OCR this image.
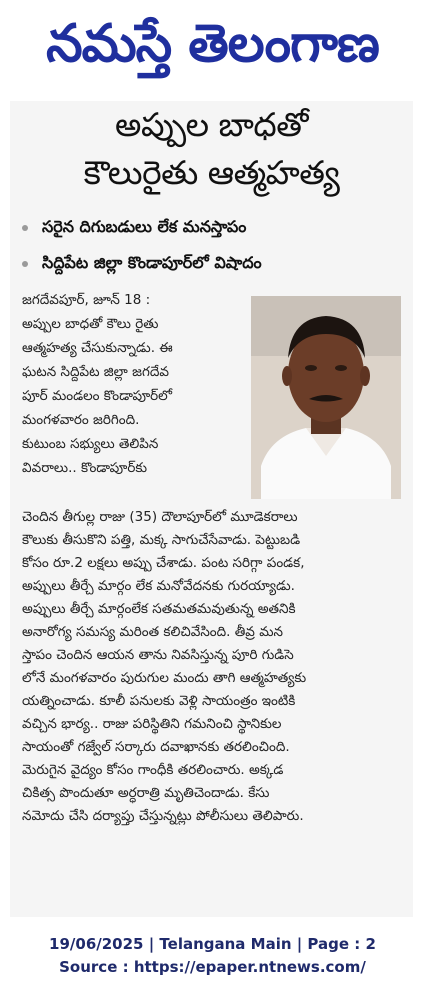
నమస్తే తెలంగాణ
అప్పుల బాధతో
కౌలురైతు ఆత్మహత్య
సరైన దిగుబడులు లేక మనస్తాపం
సిద్దిపేట జిల్లా కొండాపూర్‌లో విషాదం
జగదేవపూర్‌, జూన్‌ 18 :
అప్పుల బాధతో కౌలు రైతు
ఆత్మహత్య చేసుకున్నాడు. ఈ
ఘటన సిద్దిపేట జిల్లా జగదేవ
పూర్‌ మండలం కొండాపూర్‌లో
మంగళవారం జరిగింది.
కుటుంబ సభ్యులు తెలిపిన
వివరాలు.. కొండాపూర్‌కు
చెందిన తీగుల్ల రాజు (35) దౌలాపూర్‌లో మూడెకరాలు
కౌలుకు తీసుకొని పత్తి, మక్క సాగుచేసేవాడు. పెట్టుబడి
కోసం రూ.2 లక్షలు అప్పు చేశాడు. పంట సరిగ్గా పండక,
అప్పులు తీర్చే మార్గం లేక మనోవేదనకు గురయ్యాడు.
అప్పులు తీర్చే మార్గంలేక సతమతమవుతున్న అతనికి
అనారోగ్య సమస్య మరింత కలిచివేసింది. తీవ్ర మన
స్తాపం చెందిన ఆయన తాను నివసిస్తున్న పూరి గుడిసె
లోనే మంగళవారం పురుగుల మందు తాగి ఆత్మహత్యకు
యత్నించాడు. కూలీ పనులకు వెళ్లి సాయంత్రం ఇంటికి
వచ్చిన భార్య.. రాజు పరిస్థితిని గమనించి స్థానికుల
సాయంతో గజ్వేల్‌ సర్కారు దవాఖానకు తరలించింది.
మెరుగైన వైద్యం కోసం గాంధీకి తరలించారు. అక్కడ
చికిత్స పొందుతూ అర్ధరాత్రి మృతిచెందాడు. కేసు
నమోదు చేసి దర్యాప్తు చేస్తున్నట్లు పోలీసులు తెలిపారు.
19/06/2025 | Telangana Main | Page : 2
Source : https://epaper.ntnews.com/
